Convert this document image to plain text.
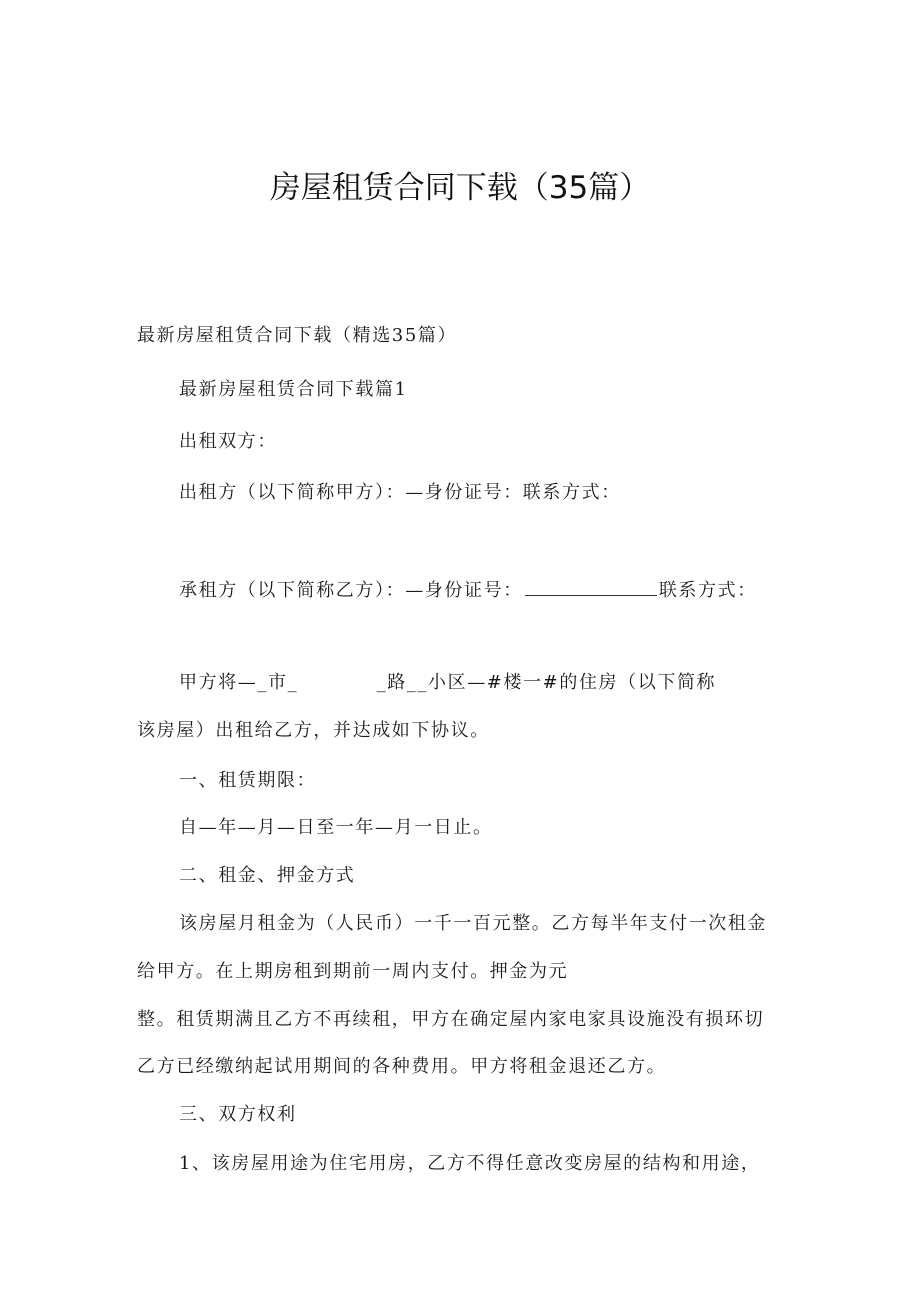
房屋租赁合同下载（35篇）

最新房屋租赁合同下载（精选35篇）

最新房屋租赁合同下载篇1

出租双方：

出租方（以下简称甲方）：—身份证号：联系方式：

承租方（以下简称乙方）：—身份证号：	联系方式：

甲方将—_市_　　　　_路__小区—#楼一#的住房（以下简称

该房屋）出租给乙方，并达成如下协议。

一、租赁期限：

自—年—月—日至一年—月一日止。

二、租金、押金方式

该房屋月租金为（人民币）一千一百元整。乙方每半年支付一次租金

给甲方。在上期房租到期前一周内支付。押金为元

整。租赁期满且乙方不再续租，甲方在确定屋内家电家具设施没有损环切

乙方已经缴纳起试用期间的各种费用。甲方将租金退还乙方。

三、双方权利

1、该房屋用途为住宅用房，乙方不得任意改变房屋的结构和用途，
